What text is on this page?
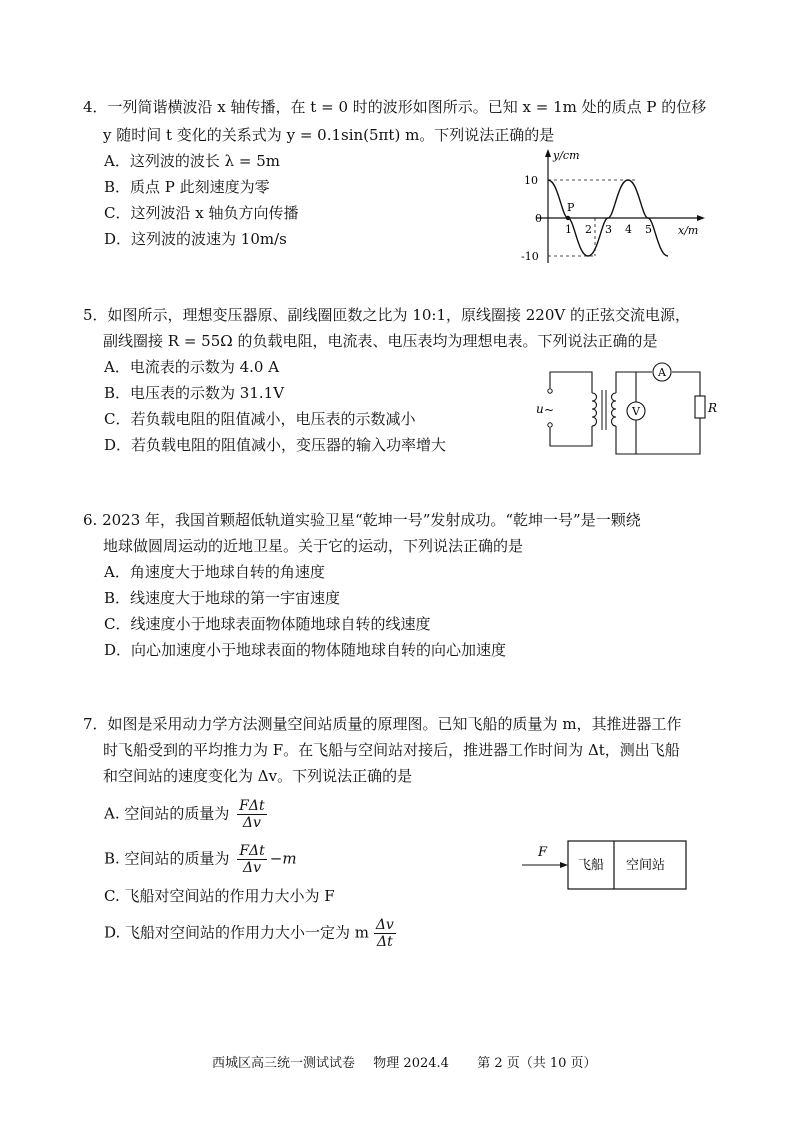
4．一列简谐横波沿 x 轴传播，在 t = 0 时的波形如图所示。已知 x = 1m 处的质点 P 的位移
y 随时间 t 变化的关系式为 y = 0.1sin(5πt) m。下列说法正确的是
A．这列波的波长 λ = 5m
B．质点 P 此刻速度为零
C．这列波沿 x 轴负方向传播
D．这列波的波速为 10m/s
P
y/cm
x/m
10
0
-10
1 2 3 4 5
5．如图所示，理想变压器原、副线圈匝数之比为 10:1，原线圈接 220V 的正弦交流电源，
副线圈接 R = 55Ω 的负载电阻，电流表、电压表均为理想电表。下列说法正确的是
A．电流表的示数为 4.0 A
B．电压表的示数为 31.1V
C．若负载电阻的阻值减小，电压表的示数减小
D．若负载电阻的阻值减小，变压器的输入功率增大
u ~
A
V	R
6. 2023 年，我国首颗超低轨道实验卫星“乾坤一号”发射成功。“乾坤一号”是一颗绕
地球做圆周运动的近地卫星。关于它的运动，下列说法正确的是
A．角速度大于地球自转的角速度
B．线速度大于地球的第一宇宙速度
C．线速度小于地球表面物体随地球自转的线速度
D．向心加速度小于地球表面的物体随地球自转的向心加速度
7．如图是采用动力学方法测量空间站质量的原理图。已知飞船的质量为 m，其推进器工作
时飞船受到的平均推力为 F。在飞船与空间站对接后，推进器工作时间为 Δt，测出飞船
和空间站的速度变化为 Δv。下列说法正确的是
A. 空间站的质量为 $\frac{\text{FΔt}}{\Delta v}$
B. 空间站的质量为 $\frac{\text{FΔt}}{\Delta v} -m$
C. 飞船对空间站的作用力大小为 F
D. 飞船对空间站的作用力大小一定为 m $\frac{\Delta v}{\Delta t}$
F
飞船 空间站
西城区高三统一测试试卷 物理 2024.4 第 2 页（共 10 页）
